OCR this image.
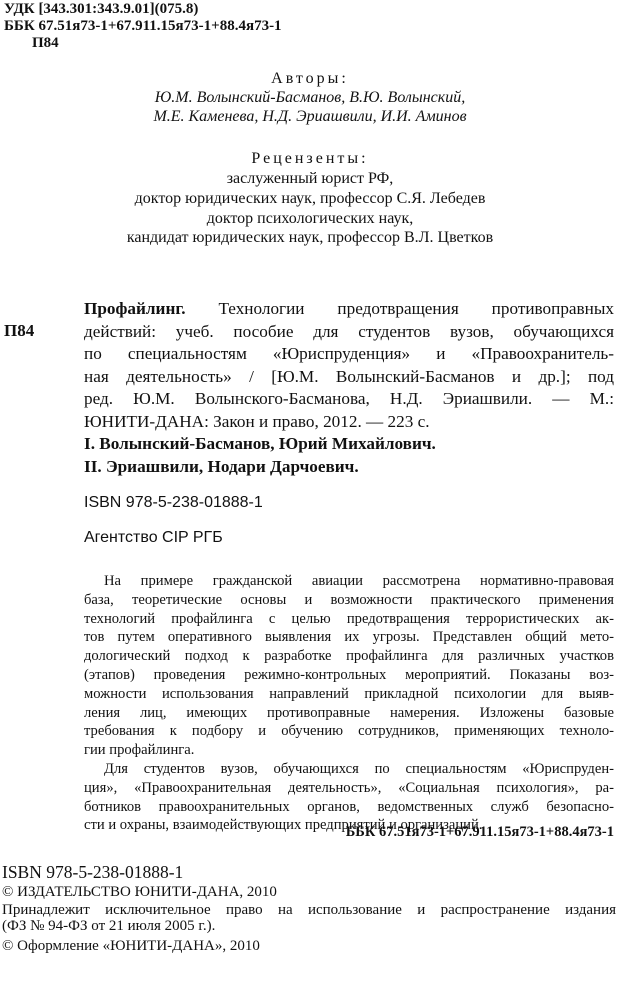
УДК [343.301:343.9.01](075.8)
ББК 67.51я73-1+67.911.15я73-1+88.4я73-1
П84
Авторы:
Ю.М. Волынский-Басманов, В.Ю. Волынский,
М.Е. Каменева, Н.Д. Эриашвили, И.И. Аминов
Рецензенты:
заслуженный юрист РФ,
доктор юридических наук, профессор С.Я. Лебедев
доктор психологических наук,
кандидат юридических наук, профессор В.Л. Цветков
П84
Профайлинг. Технологии предотвращения противоправных
действий: учеб. пособие для студентов вузов, обучающихся
по специальностям «Юриспруденция» и «Правоохранитель-
ная деятельность» / [Ю.М. Волынский-Басманов и др.]; под
ред. Ю.М. Волынского-Басманова, Н.Д. Эриашвили. — М.:
ЮНИТИ-ДАНА: Закон и право, 2012. — 223 с.
I. Волынский-Басманов, Юрий Михайлович.
II. Эриашвили, Нодари Дарчоевич.
ISBN 978-5-238-01888-1
Агентство CIP РГБ
На примере гражданской авиации рассмотрена нормативно-правовая
база, теоретические основы и возможности практического применения
технологий профайлинга с целью предотвращения террористических ак-
тов путем оперативного выявления их угрозы. Представлен общий мето-
дологический подход к разработке профайлинга для различных участков
(этапов) проведения режимно-контрольных мероприятий. Показаны воз-
можности использования направлений прикладной психологии для выяв-
ления лиц, имеющих противоправные намерения. Изложены базовые
требования к подбору и обучению сотрудников, применяющих техноло-
гии профайлинга.
Для студентов вузов, обучающихся по специальностям «Юриспруден-
ция», «Правоохранительная деятельность», «Социальная психология», ра-
ботников правоохранительных органов, ведомственных служб безопасно-
сти и охраны, взаимодействующих предприятий и организаций.
ББК 67.51я73-1+67.911.15я73-1+88.4я73-1
ISBN 978-5-238-01888-1
© ИЗДАТЕЛЬСТВО ЮНИТИ-ДАНА, 2010
Принадлежит исключительное право на использование и распространение издания
(ФЗ № 94-ФЗ от 21 июля 2005 г.).
© Оформление «ЮНИТИ-ДАНА», 2010
